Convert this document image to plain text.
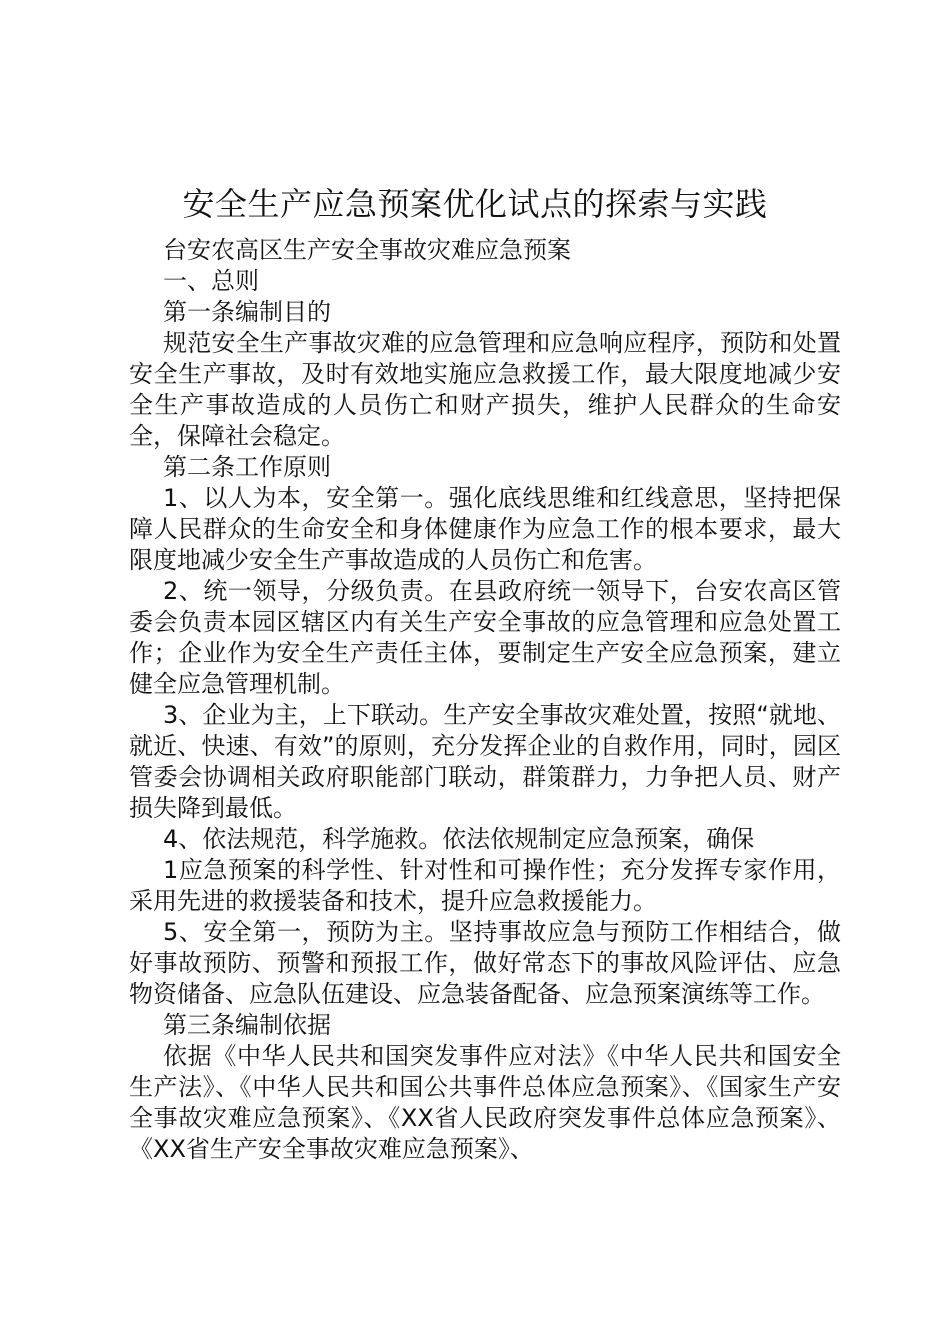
安全生产应急预案优化试点的探索与实践

台安农高区生产安全事故灾难应急预案

一、总则

第一条编制目的

规范安全生产事故灾难的应急管理和应急响应程序，预防和处置安全生产事故，及时有效地实施应急救援工作，最大限度地减少安全生产事故造成的人员伤亡和财产损失，维护人民群众的生命安全，保障社会稳定。

第二条工作原则

1、以人为本，安全第一。强化底线思维和红线意思，坚持把保障人民群众的生命安全和身体健康作为应急工作的根本要求，最大限度地减少安全生产事故造成的人员伤亡和危害。

2、统一领导，分级负责。在县政府统一领导下，台安农高区管委会负责本园区辖区内有关生产安全事故的应急管理和应急处置工作；企业作为安全生产责任主体，要制定生产安全应急预案，建立健全应急管理机制。

3、企业为主，上下联动。生产安全事故灾难处置，按照“就地、就近、快速、有效”的原则，充分发挥企业的自救作用，同时，园区管委会协调相关政府职能部门联动，群策群力，力争把人员、财产损失降到最低。

4、依法规范，科学施救。依法依规制定应急预案，确保

1应急预案的科学性、针对性和可操作性；充分发挥专家作用，采用先进的救援装备和技术，提升应急救援能力。

5、安全第一，预防为主。坚持事故应急与预防工作相结合，做好事故预防、预警和预报工作，做好常态下的事故风险评估、应急物资储备、应急队伍建设、应急装备配备、应急预案演练等工作。

第三条编制依据

依据《中华人民共和国突发事件应对法》《中华人民共和国安全生产法》、《中华人民共和国公共事件总体应急预案》、《国家生产安全事故灾难应急预案》、《XX省人民政府突发事件总体应急预案》、《XX省生产安全事故灾难应急预案》、
